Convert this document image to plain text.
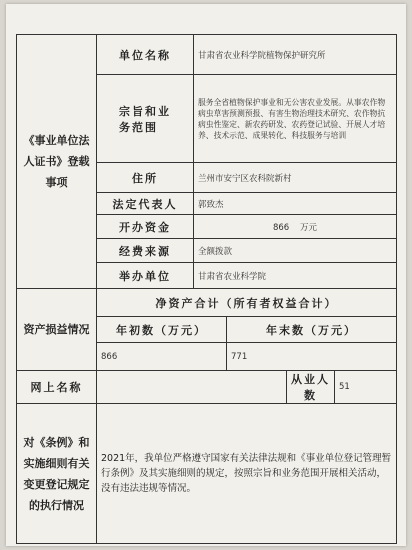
《事业单位法人证书》登载事项	单位名称	甘肃省农业科学院植物保护研究所			
	宗旨和业务范围	服务全省植物保护事业和无公害农业发展。从事农作物病虫草害预测预报、有害生物治理技术研究、农作物抗病虫性鉴定、新农药研发、农药登记试验、开展人才培养、技术示范、成果转化、科技服务与培训			
	住所	兰州市安宁区农科院新村			
	法定代表人	郭致杰			
	开办资金	866 万元			
	经费来源	全额拨款			
	举办单位	甘肃省农业科学院			
资产损益情况	净资产合计（所有者权益合计）				
	年初数（万元）		年末数（万元）		
	866		771		
网上名称				从业人数	51
对《条例》和实施细则有关变更登记规定的执行情况	2021年，我单位严格遵守国家有关法律法规和《事业单位登记管理暂行条例》及其实施细则的规定，按照宗旨和业务范围开展相关活动，没有违法违规等情况。				
